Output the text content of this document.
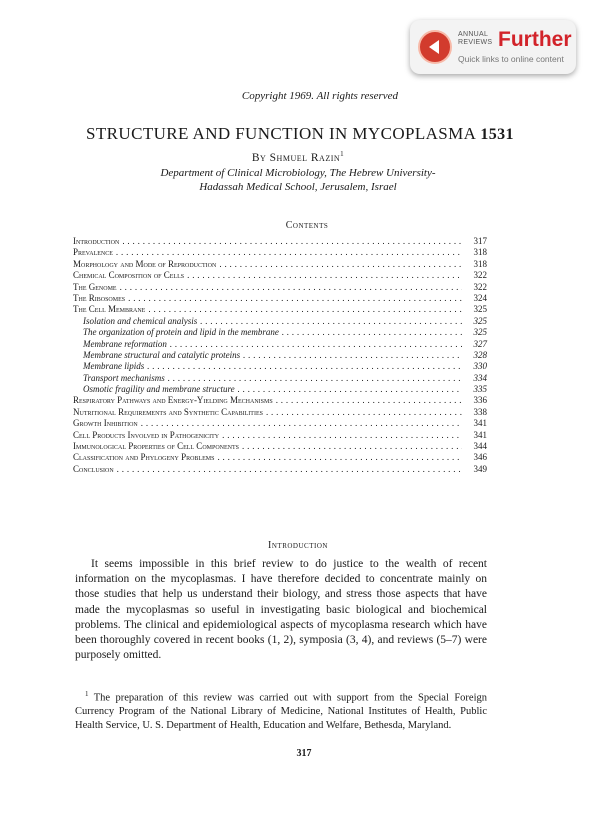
ANNUAL
REVIEWS Further
Quick links to online content
Copyright 1969. All rights reserved
STRUCTURE AND FUNCTION IN MYCOPLASMA 1531
By Shmuel Razin$^1$
Department of Clinical Microbiology, The Hebrew University-
Hadassah Medical School, Jerusalem, Israel
Contents
Introduction . . .	317
Prevalence . . .	318
Morphology and Mode of Reproduction . . .	318
Chemical Composition of Cells . . .	322
The Genome . . .	322
The Ribosomes . . .	324
The Cell Membrane . . .	325
Isolation and chemical analysis . . .	325
The organization of protein and lipid in the membrane . . .	325
Membrane reformation . . .	327
Membrane structural and catalytic proteins . . .	328
Membrane lipids . . .	330
Transport mechanisms . . .	334
Osmotic fragility and membrane structure . . .	335
Respiratory Pathways and Energy-Yielding Mechanisms . . .	336
Nutritional Requirements and Synthetic Capabilities . . .	338
Growth Inhibition . . .	341
Cell Products Involved in Pathogenicity . . .	341
Immunological Properties of Cell Components . . .	344
Classification and Phylogeny Problems . . .	346
Conclusion . . .	349
Introduction
It seems impossible in this brief review to do justice to the wealth of recent information on the mycoplasmas. I have therefore decided to concentrate mainly on those studies that help us understand their biology, and stress those aspects that have made the mycoplasmas so useful in investigating basic biological and biochemical problems. The clinical and epidemiological aspects of mycoplasma research which have been thoroughly covered in recent books (1, 2), symposia (3, 4), and reviews (5–7) were purposely omitted.
$^1$ The preparation of this review was carried out with support from the Special Foreign Currency Program of the National Library of Medicine, National Institutes of Health, Public Health Service, U. S. Department of Health, Education and Welfare, Bethesda, Maryland.
317
